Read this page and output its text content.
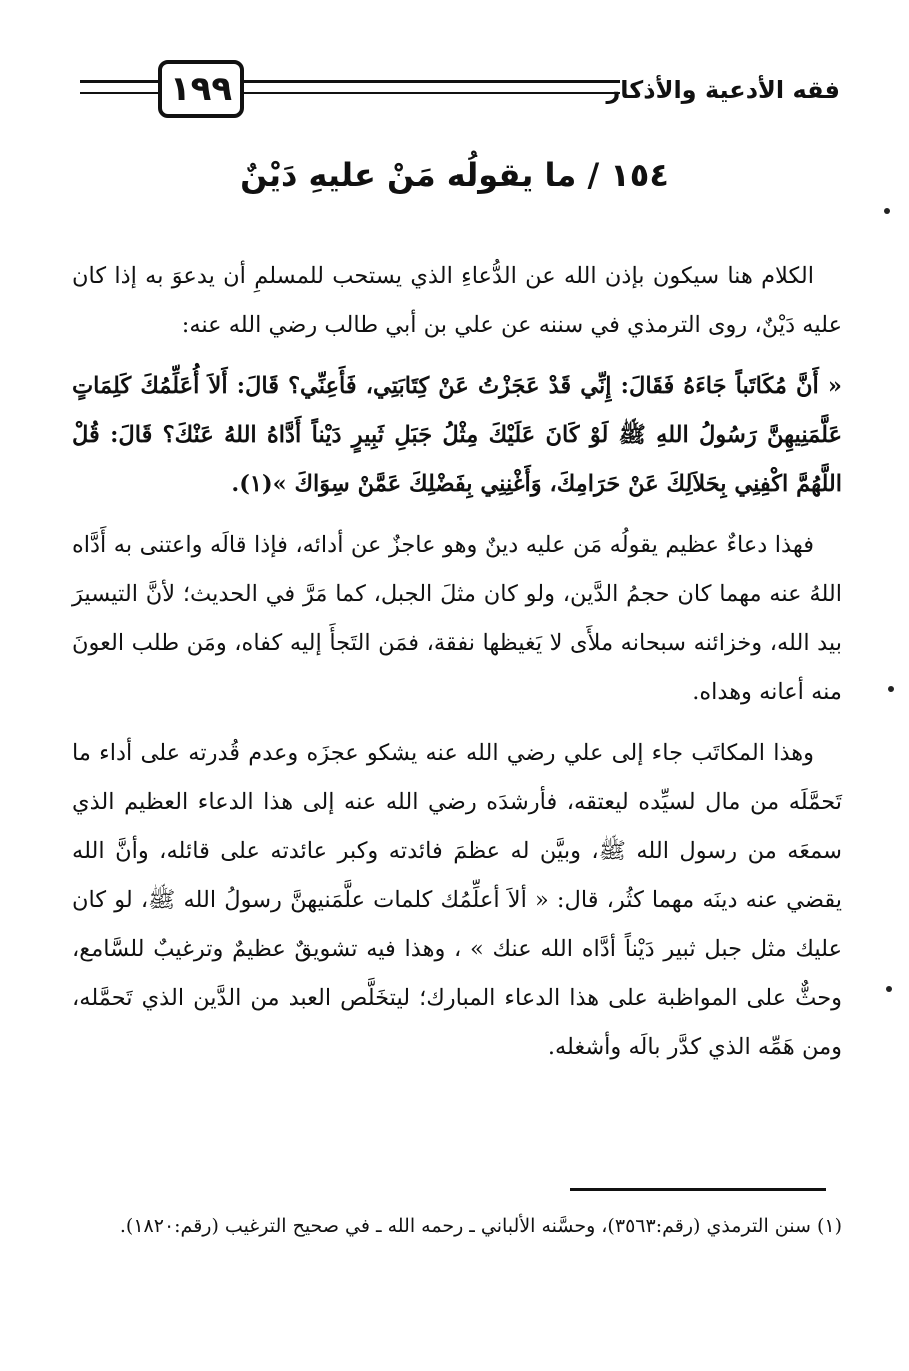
١٩٩	فقه الأدعية والأذكار
١٥٤ / ما يقولُه مَنْ عليهِ دَيْنٌ

الكلام هنا سيكون بإذن الله عن الدُّعاءِ الذي يستحب للمسلمِ أن يدعوَ به إذا كان عليه دَيْنٌ، روى الترمذي في سننه عن علي بن أبي طالب رضي الله عنه:

« أَنَّ مُكَاتَباً جَاءَهُ فَقَالَ: إِنِّي قَدْ عَجَزْتُ عَنْ كِتَابَتِي، فَأَعِنِّي؟ قَالَ: أَلاَ أُعَلِّمُكَ كَلِمَاتٍ عَلَّمَنِيهِنَّ رَسُولُ اللهِ ﷺ لَوْ كَانَ عَلَيْكَ مِثْلُ جَبَلِ ثَبِيرٍ دَيْناً أَدَّاهُ اللهُ عَنْكَ؟ قَالَ: قُلْ اللَّهُمَّ اكْفِنِي بِحَلاَلِكَ عَنْ حَرَامِكَ، وَأَغْنِنِي بِفَضْلِكَ عَمَّنْ سِوَاكَ »(١).

فهذا دعاءٌ عظيم يقولُه مَن عليه دينٌ وهو عاجزٌ عن أدائه، فإذا قالَه واعتنى به أَدَّاه اللهُ عنه مهما كان حجمُ الدَّين، ولو كان مثلَ الجبل، كما مَرَّ في الحديث؛ لأنَّ التيسيرَ بيد الله، وخزائنه سبحانه ملأَى لا يَغيظها نفقة، فمَن التَجأَ إليه كفاه، ومَن طلب العونَ منه أعانه وهداه.

وهذا المكاتَب جاء إلى علي رضي الله عنه يشكو عجزَه وعدم قُدرته على أداء ما تَحمَّلَه من مال لسيِّده ليعتقه، فأرشدَه رضي الله عنه إلى هذا الدعاء العظيم الذي سمعَه من رسول الله ﷺ، وبيَّن له عظمَ فائدته وكبر عائدته على قائله، وأنَّ الله يقضي عنه دينَه مهما كثُر، قال: « ألاَ أعلِّمُك كلمات علَّمَنيهنَّ رسولُ الله ﷺ، لو كان عليك مثل جبل ثبير دَيْناً أدَّاه الله عنك » ، وهذا فيه تشويقٌ عظيمٌ وترغيبٌ للسَّامع، وحثٌّ على المواظبة على هذا الدعاء المبارك؛ ليتخَلَّص العبد من الدَّين الذي تَحمَّله، ومن هَمِّه الذي كدَّر بالَه وأشغله.

(١) سنن الترمذي (رقم:٣٥٦٣)، وحسَّنه الألباني ـ رحمه الله ـ في صحيح الترغيب (رقم:١٨٢٠).
